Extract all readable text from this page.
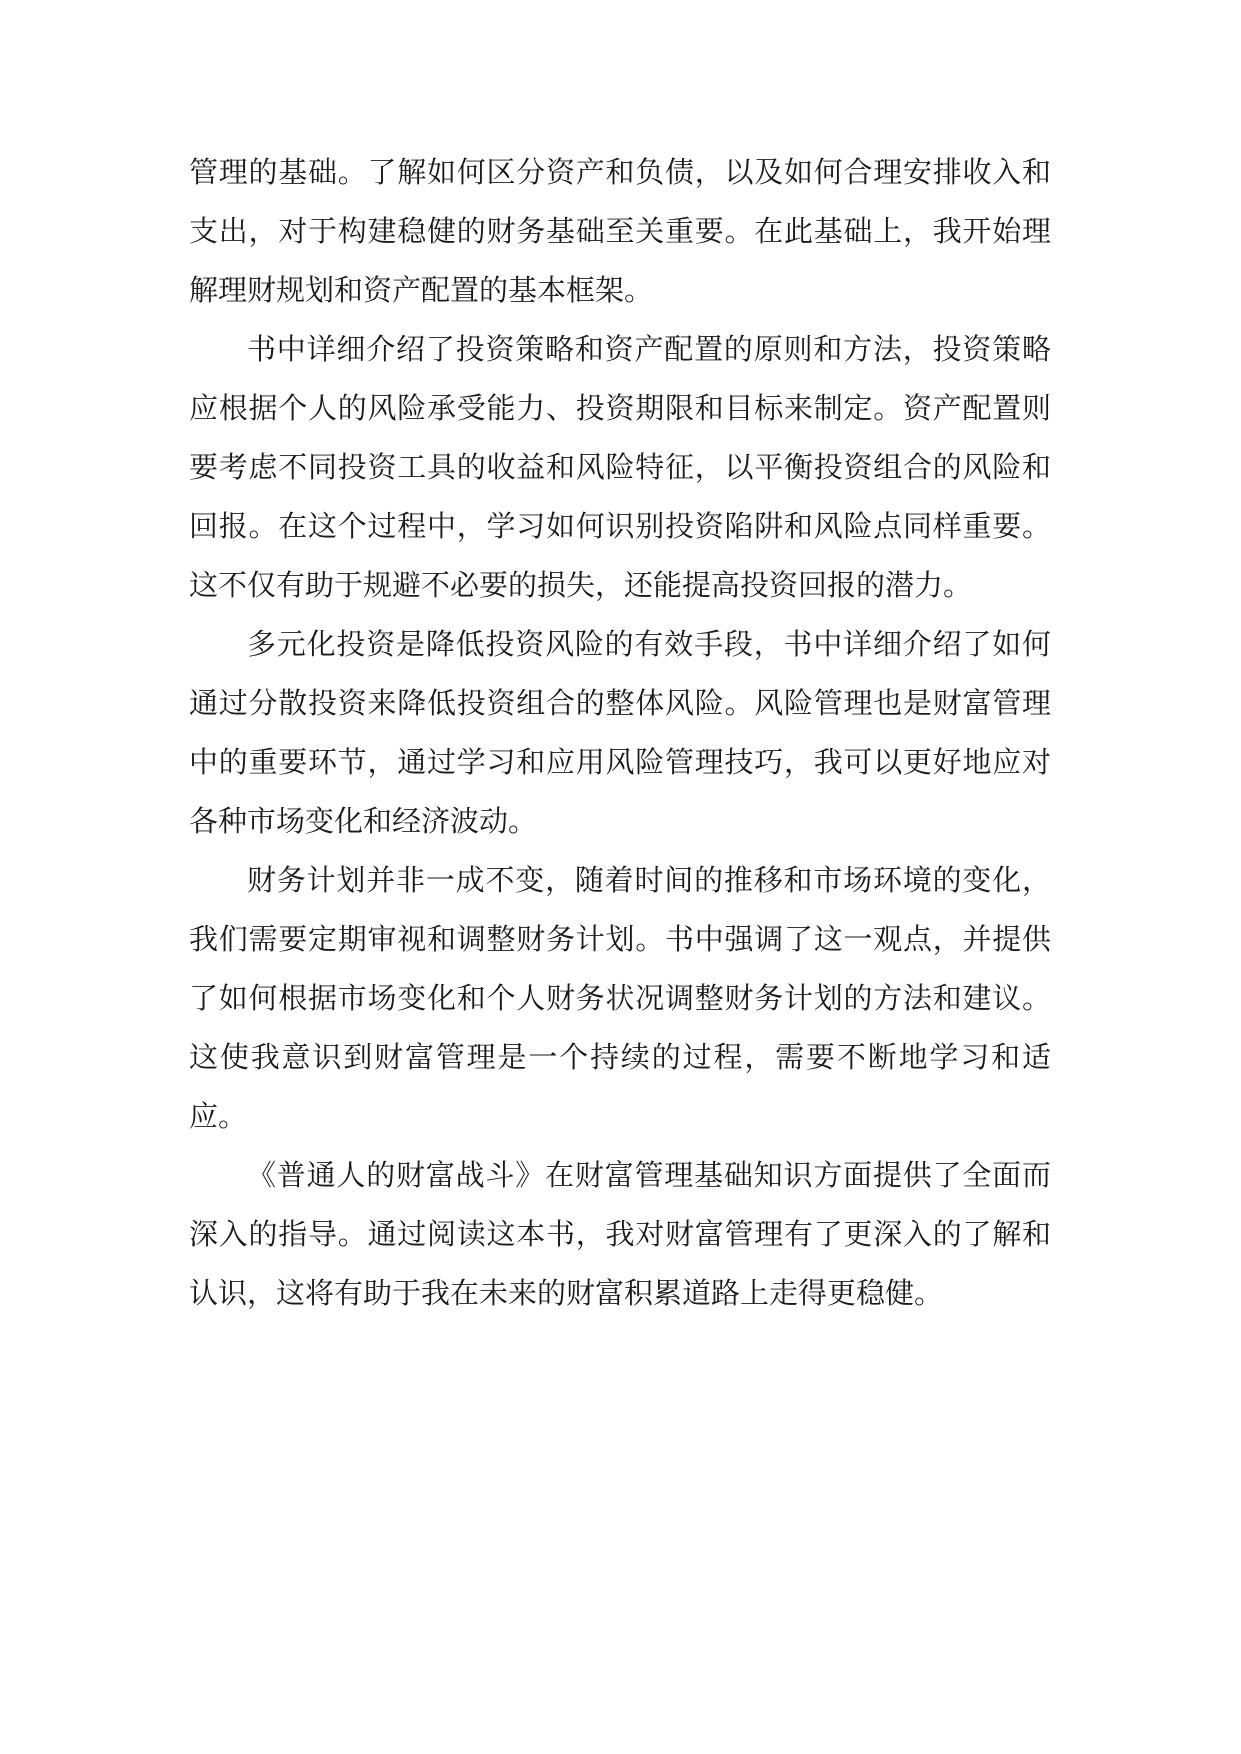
管理的基础。了解如何区分资产和负债，以及如何合理安排收入和支出，对于构建稳健的财务基础至关重要。在此基础上，我开始理解理财规划和资产配置的基本框架。

书中详细介绍了投资策略和资产配置的原则和方法，投资策略应根据个人的风险承受能力、投资期限和目标来制定。资产配置则要考虑不同投资工具的收益和风险特征，以平衡投资组合的风险和回报。在这个过程中，学习如何识别投资陷阱和风险点同样重要。这不仅有助于规避不必要的损失，还能提高投资回报的潜力。

多元化投资是降低投资风险的有效手段，书中详细介绍了如何通过分散投资来降低投资组合的整体风险。风险管理也是财富管理中的重要环节，通过学习和应用风险管理技巧，我可以更好地应对各种市场变化和经济波动。

财务计划并非一成不变，随着时间的推移和市场环境的变化，我们需要定期审视和调整财务计划。书中强调了这一观点，并提供了如何根据市场变化和个人财务状况调整财务计划的方法和建议。这使我意识到财富管理是一个持续的过程，需要不断地学习和适应。

《普通人的财富战斗》在财富管理基础知识方面提供了全面而深入的指导。通过阅读这本书，我对财富管理有了更深入的了解和认识，这将有助于我在未来的财富积累道路上走得更稳健。
